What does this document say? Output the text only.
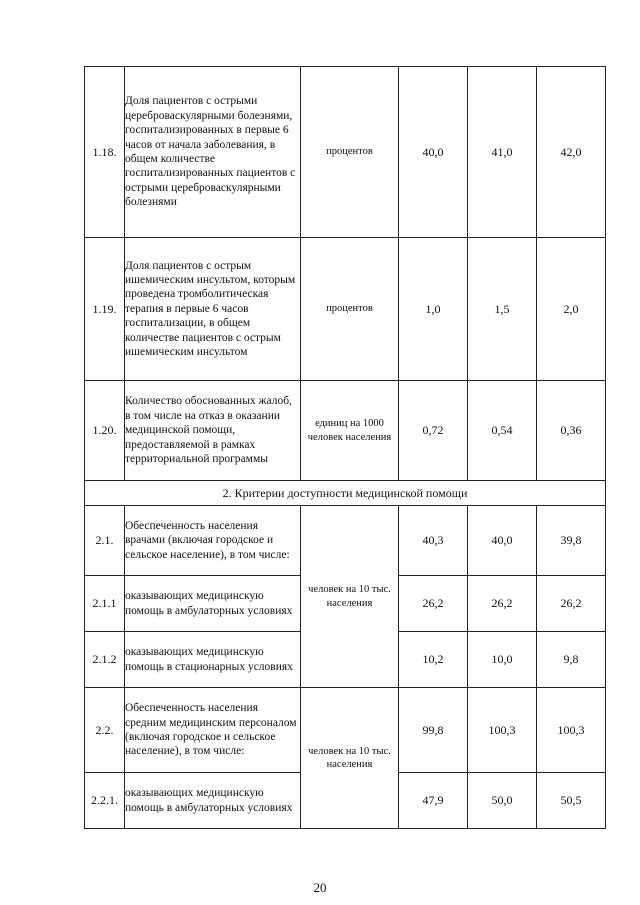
1.18.	Доля пациентов с острыми цереброваскулярными болезнями, госпитализированных в первые 6 часов от начала заболевания, в общем количестве госпитализированных пациентов с острыми цереброваскулярными болезнями	процентов	40,0	41,0	42,0
1.19.	Доля пациентов с острым ишемическим инсультом, которым проведена тромболитическая терапия в первые 6 часов госпитализации, в общем количестве пациентов с острым ишемическим инсультом	процентов	1,0	1,5	2,0
1.20.	Количество обоснованных жалоб, в том числе на отказ в оказании медицинской помощи, предоставляемой в рамках территориальной программы	единиц на 1000 человек населения	0,72	0,54	0,36
2. Критерии доступности медицинской помощи					
2.1.	Обеспеченность населения врачами (включая городское и сельское население), в том числе:	человек на 10 тыс. населения	40,3	40,0	39,8
2.1.1	оказывающих медицинскую помощь в амбулаторных условиях		26,2	26,2	26,2
2.1.2	оказывающих медицинскую помощь в стационарных условиях		10,2	10,0	9,8
2.2.	Обеспеченность населения средним медицинским персоналом (включая городское и сельское население), в том числе:	человек на 10 тыс. населения	99,8	100,3	100,3
2.2.1.	оказывающих медицинскую помощь в амбулаторных условиях		47,9	50,0	50,5
20
